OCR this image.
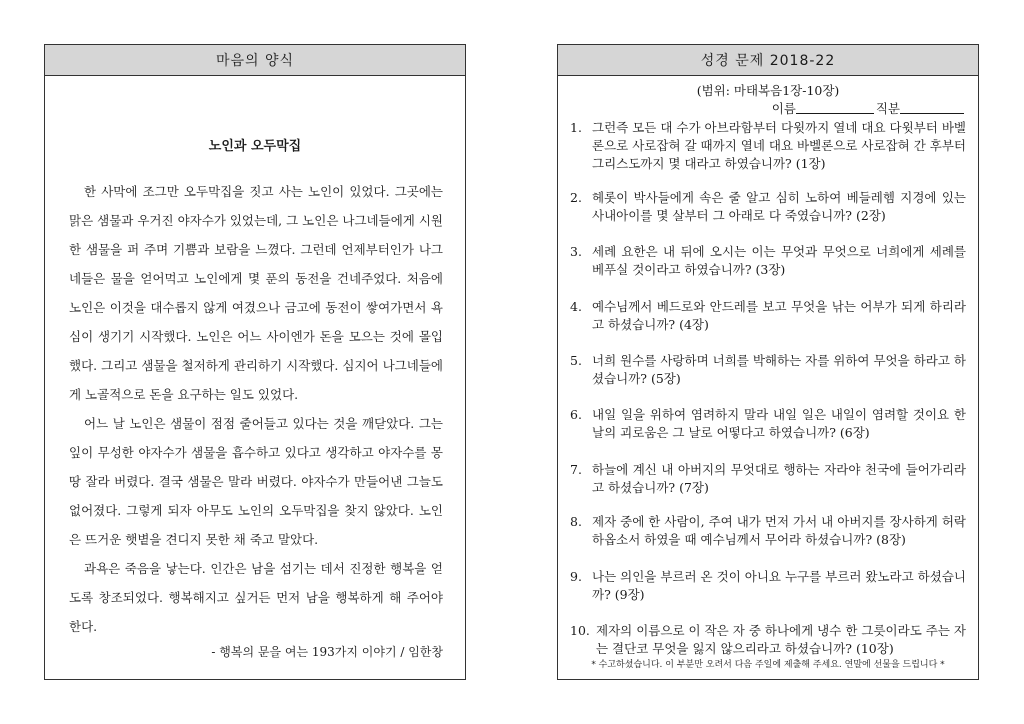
마음의 양식
노인과 오두막집

한 사막에 조그만 오두막집을 짓고 사는 노인이 있었다. 그곳에는 맑은 샘물과 우거진 야자수가 있었는데, 그 노인은 나그네들에게 시원한 샘물을 퍼 주며 기쁨과 보람을 느꼈다. 그런데 언제부터인가 나그네들은 물을 얻어먹고 노인에게 몇 푼의 동전을 건네주었다. 처음에 노인은 이것을 대수롭지 않게 여겼으나 금고에 동전이 쌓여가면서 욕심이 생기기 시작했다. 노인은 어느 사이엔가 돈을 모으는 것에 몰입했다. 그리고 샘물을 철저하게 관리하기 시작했다. 심지어 나그네들에게 노골적으로 돈을 요구하는 일도 있었다.

어느 날 노인은 샘물이 점점 줄어들고 있다는 것을 깨닫았다. 그는 잎이 무성한 야자수가 샘물을 흡수하고 있다고 생각하고 야자수를 몽땅 잘라 버렸다. 결국 샘물은 말라 버렸다. 야자수가 만들어낸 그늘도 없어졌다. 그렇게 되자 아무도 노인의 오두막집을 찾지 않았다. 노인은 뜨거운 햇볕을 견디지 못한 채 죽고 말았다.

과욕은 죽음을 낳는다. 인간은 남을 섬기는 데서 진정한 행복을 얻도록 창조되었다. 행복해지고 싶거든 먼저 남을 행복하게 해 주어야 한다.

- 행복의 문을 여는 193가지 이야기 / 임한창
성경 문제 2018-22
(범위: 마태복음1장-10장)
이름	직분
1. 그런즉 모든 대 수가 아브라함부터 다윗까지 열네 대요 다윗부터 바벨론으로 사로잡혀 갈 때까지 열네 대요 바벨론으로 사로잡혀 간 후부터 그리스도까지 몇 대라고 하였습니까? (1장)
2. 헤롯이 박사들에게 속은 줄 알고 심히 노하여 베들레헴 지경에 있는 사내아이를 몇 살부터 그 아래로 다 죽였습니까? (2장)
3. 세례 요한은 내 뒤에 오시는 이는 무엇과 무엇으로 너희에게 세례를 베푸실 것이라고 하였습니까? (3장)
4. 예수님께서 베드로와 안드레를 보고 무엇을 낚는 어부가 되게 하리라고 하셨습니까? (4장)
5. 너희 원수를 사랑하며 너희를 박해하는 자를 위하여 무엇을 하라고 하셨습니까? (5장)
6. 내일 일을 위하여 염려하지 말라 내일 일은 내일이 염려할 것이요 한 날의 괴로움은 그 날로 어떻다고 하였습니까? (6장)
7. 하늘에 계신 내 아버지의 무엇대로 행하는 자라야 천국에 들어가리라고 하셨습니까? (7장)
8. 제자 중에 한 사람이, 주여 내가 먼저 가서 내 아버지를 장사하게 허락하옵소서 하였을 때 예수님께서 무어라 하셨습니까? (8장)
9. 나는 의인을 부르러 온 것이 아니요 누구를 부르러 왔노라고 하셨습니까? (9장)
10. 제자의 이름으로 이 작은 자 중 하나에게 냉수 한 그릇이라도 주는 자는 결단코 무엇을 잃지 않으리라고 하셨습니까? (10장)
* 수고하셨습니다. 이 부분만 오려서 다음 주일에 제출해 주세요. 연말에 선물을 드립니다 *
